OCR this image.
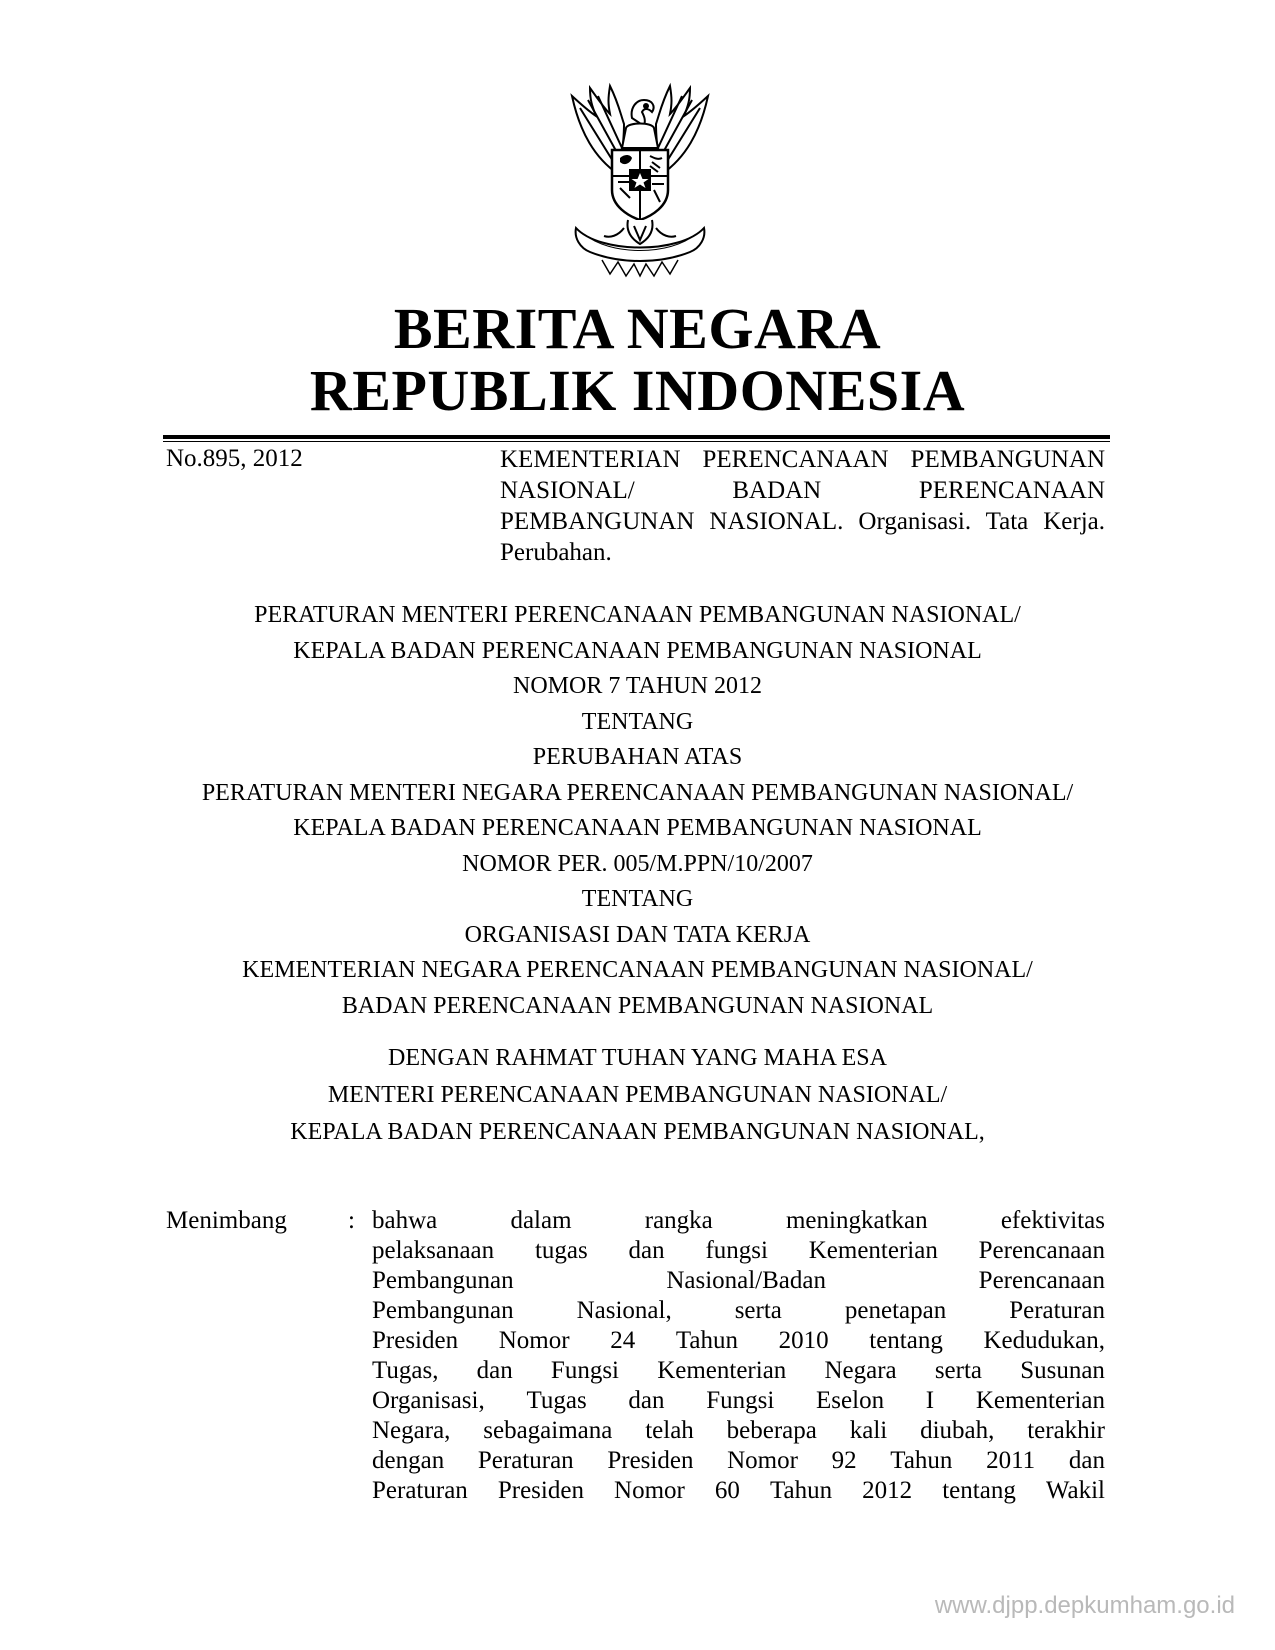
BERITA NEGARA
REPUBLIK INDONESIA
No.895, 2012	KEMENTERIAN PERENCANAAN PEMBANGUNAN NASIONAL/ BADAN PERENCANAAN PEMBANGUNAN NASIONAL. Organisasi. Tata Kerja. Perubahan.
PERATURAN MENTERI PERENCANAAN PEMBANGUNAN NASIONAL/
KEPALA BADAN PERENCANAAN PEMBANGUNAN NASIONAL
NOMOR 7 TAHUN 2012
TENTANG
PERUBAHAN ATAS
PERATURAN MENTERI NEGARA PERENCANAAN PEMBANGUNAN NASIONAL/
KEPALA BADAN PERENCANAAN PEMBANGUNAN NASIONAL
NOMOR PER. 005/M.PPN/10/2007
TENTANG
ORGANISASI DAN TATA KERJA
KEMENTERIAN NEGARA PERENCANAAN PEMBANGUNAN NASIONAL/
BADAN PERENCANAAN PEMBANGUNAN NASIONAL
DENGAN RAHMAT TUHAN YANG MAHA ESA
MENTERI PERENCANAAN PEMBANGUNAN NASIONAL/
KEPALA BADAN PERENCANAAN PEMBANGUNAN NASIONAL,
Menimbang : bahwa	dalam	rangka	meningkatkan	efektivitas
pelaksanaan tugas dan fungsi Kementerian Perencanaan
Pembangunan	Nasional/Badan	Perencanaan
Pembangunan	Nasional,	serta	penetapan	Peraturan
Presiden Nomor 24 Tahun 2010 tentang Kedudukan,
Tugas, dan Fungsi Kementerian Negara serta Susunan
Organisasi, Tugas dan Fungsi Eselon I Kementerian
Negara, sebagaimana telah beberapa kali diubah, terakhir
dengan Peraturan Presiden Nomor 92 Tahun 2011 dan
Peraturan Presiden Nomor 60 Tahun 2012 tentang Wakil
www.djpp.depkumham.go.id
